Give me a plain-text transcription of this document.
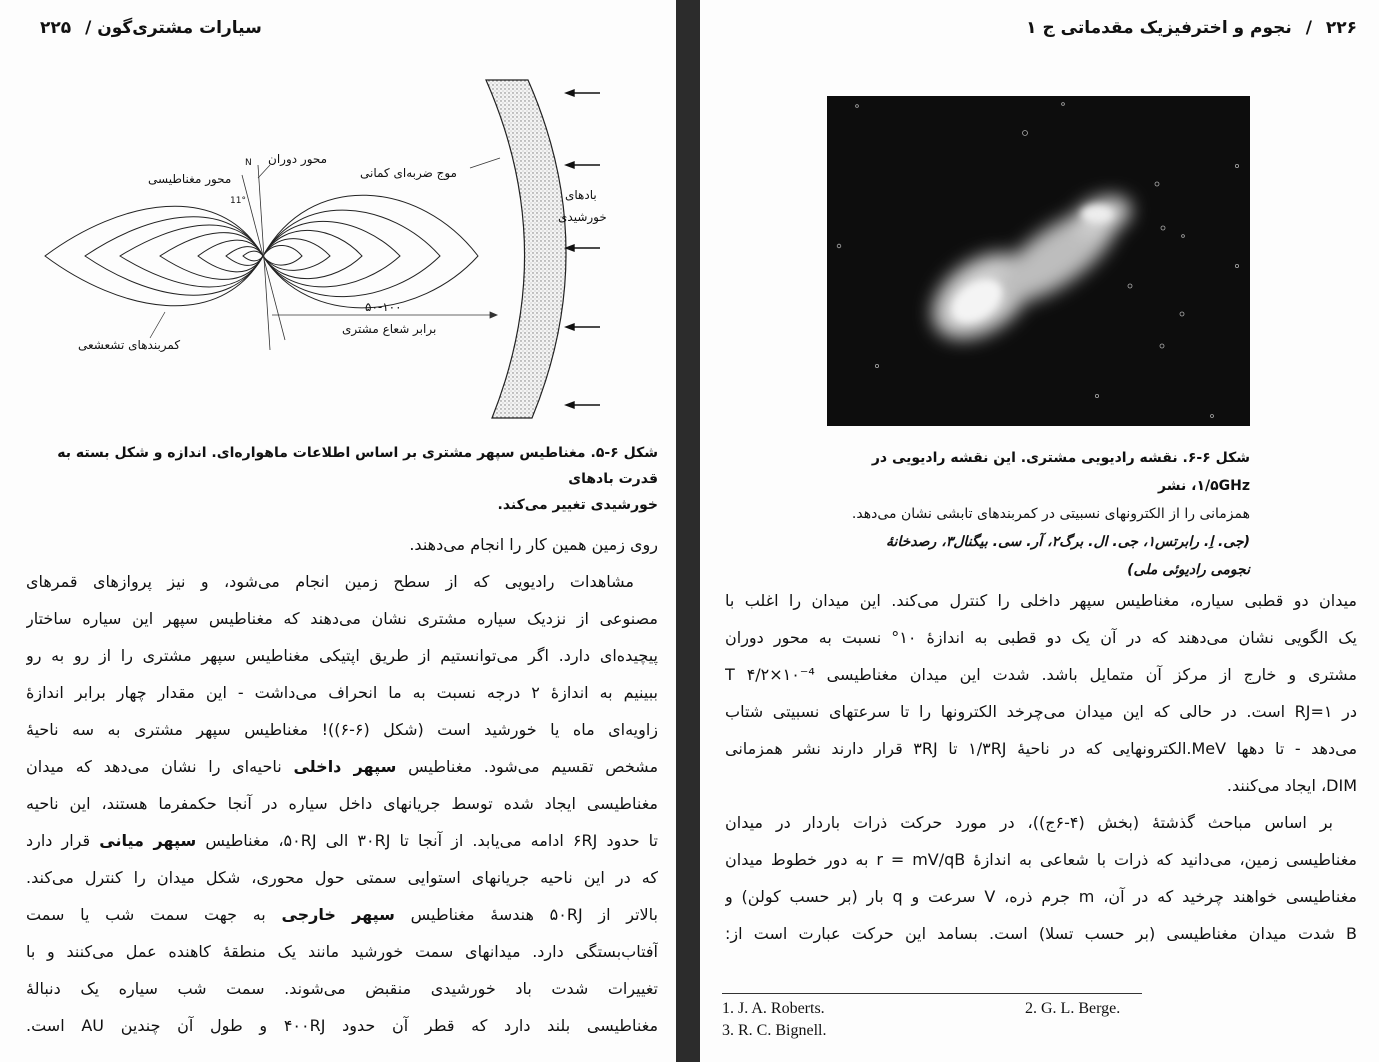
سیارات مشتری‌گون / ۲۲۵
محور دوران
محور مغناطیسی
N
11°
موج ضربه‌ای کمانی
بادهای
خورشیدی
۵۰-۱۰۰
برابر شعاع مشتری
کمربندهای تشعشعی
شکل ۶-۵. مغناطیس سپهر مشتری بر اساس اطلاعات ماهواره‌ای. اندازه و شکل بسته به قدرت بادهای
خورشیدی تغییر می‌کند.
روی زمین همین کار را انجام می‌دهند.
مشاهدات رادیویی که از سطح زمین انجام می‌شود، و نیز پروازهای قمرهای
مصنوعی از نزدیک سیاره مشتری نشان می‌دهند که مغناطیس سپهر این سیاره ساختار
پیچیده‌ای دارد. اگر می‌توانستیم از طریق اپتیکی مغناطیس سپهر مشتری را از رو به رو
ببینیم به اندازهٔ ۲ درجه نسبت به ما انحراف می‌داشت - این مقدار چهار برابر اندازهٔ
زاویه‌ای ماه یا خورشید است (شکل (۶-۶))! مغناطیس سپهر مشتری به سه ناحیهٔ
مشخص تقسیم می‌شود. مغناطیس سپهر داخلی ناحیه‌ای را نشان می‌دهد که میدان
مغناطیسی ایجاد شده توسط جریانهای داخل سیاره در آنجا حکمفرما هستند، این ناحیه
تا حدود ۶RJ ادامه می‌یابد. از آنجا تا ۳۰RJ الی ۵۰RJ، مغناطیس سپهر میانی قرار دارد
که در این ناحیه جریانهای استوایی سمتی حول محوری، شکل میدان را کنترل می‌کند.
بالاتر از ۵۰RJ هندسهٔ مغناطیس سپهر خارجی به جهت سمت شب یا سمت
آفتاب‌بستگی دارد. میدانهای سمت خورشید مانند یک منطقهٔ کاهنده عمل می‌کنند و با
تغییرات شدت باد خورشیدی منقبض می‌شوند. سمت شب سیاره یک دنبالهٔ
مغناطیسی بلند دارد که قطر آن حدود ۴۰۰RJ و طول آن چندین AU است.
۲۲۶ / نجوم و اخترفیزیک مقدماتی ج ۱
شکل ۶-۶. نقشه رادیویی مشتری. این نقشه رادیویی در ۱/۵GHz، نشر
همزمانی را از الکترونهای نسبیتی در کمربندهای تابشی نشان می‌دهد.
(جی. اِ. رابرتس۱، جی. ال. برگ۲، آر. سی. بیگنال۳، رصدخانهٔ
نجومی رادیوئی ملی)
میدان دو قطبی سیاره، مغناطیس سپهر داخلی را کنترل می‌کند. این میدان را اغلب با
یک الگویی نشان می‌دهند که در آن یک دو قطبی به اندازهٔ ۱۰° نسبت به محور دوران
مشتری و خارج از مرکز آن متمایل باشد. شدت این میدان مغناطیسی T ۴/۲×۱۰⁻⁴
در ۱=RJ است. در حالی که این میدان می‌چرخد الکترونها را تا سرعتهای نسبیتی شتاب
می‌دهد - تا دهها MeV.الکترونهایی که در ناحیهٔ ۱/۳RJ تا ۳RJ قرار دارند نشر همزمانی
DIM، ایجاد می‌کنند.
بر اساس مباحث گذشتهٔ (بخش (۴-۶ج))، در مورد حرکت ذرات باردار در میدان
مغناطیسی زمین، می‌دانید که ذرات با شعاعی به اندازهٔ r = mV/qB به دور خطوط میدان
مغناطیسی خواهند چرخید که در آن، m جرم ذره، V سرعت و q بار (بر حسب کولن) و
B شدت میدان مغناطیسی (بر حسب تسلا) است. بسامد این حرکت عبارت است از:
1. J. A. Roberts.	2. G. L. Berge.
3. R. C. Bignell.
